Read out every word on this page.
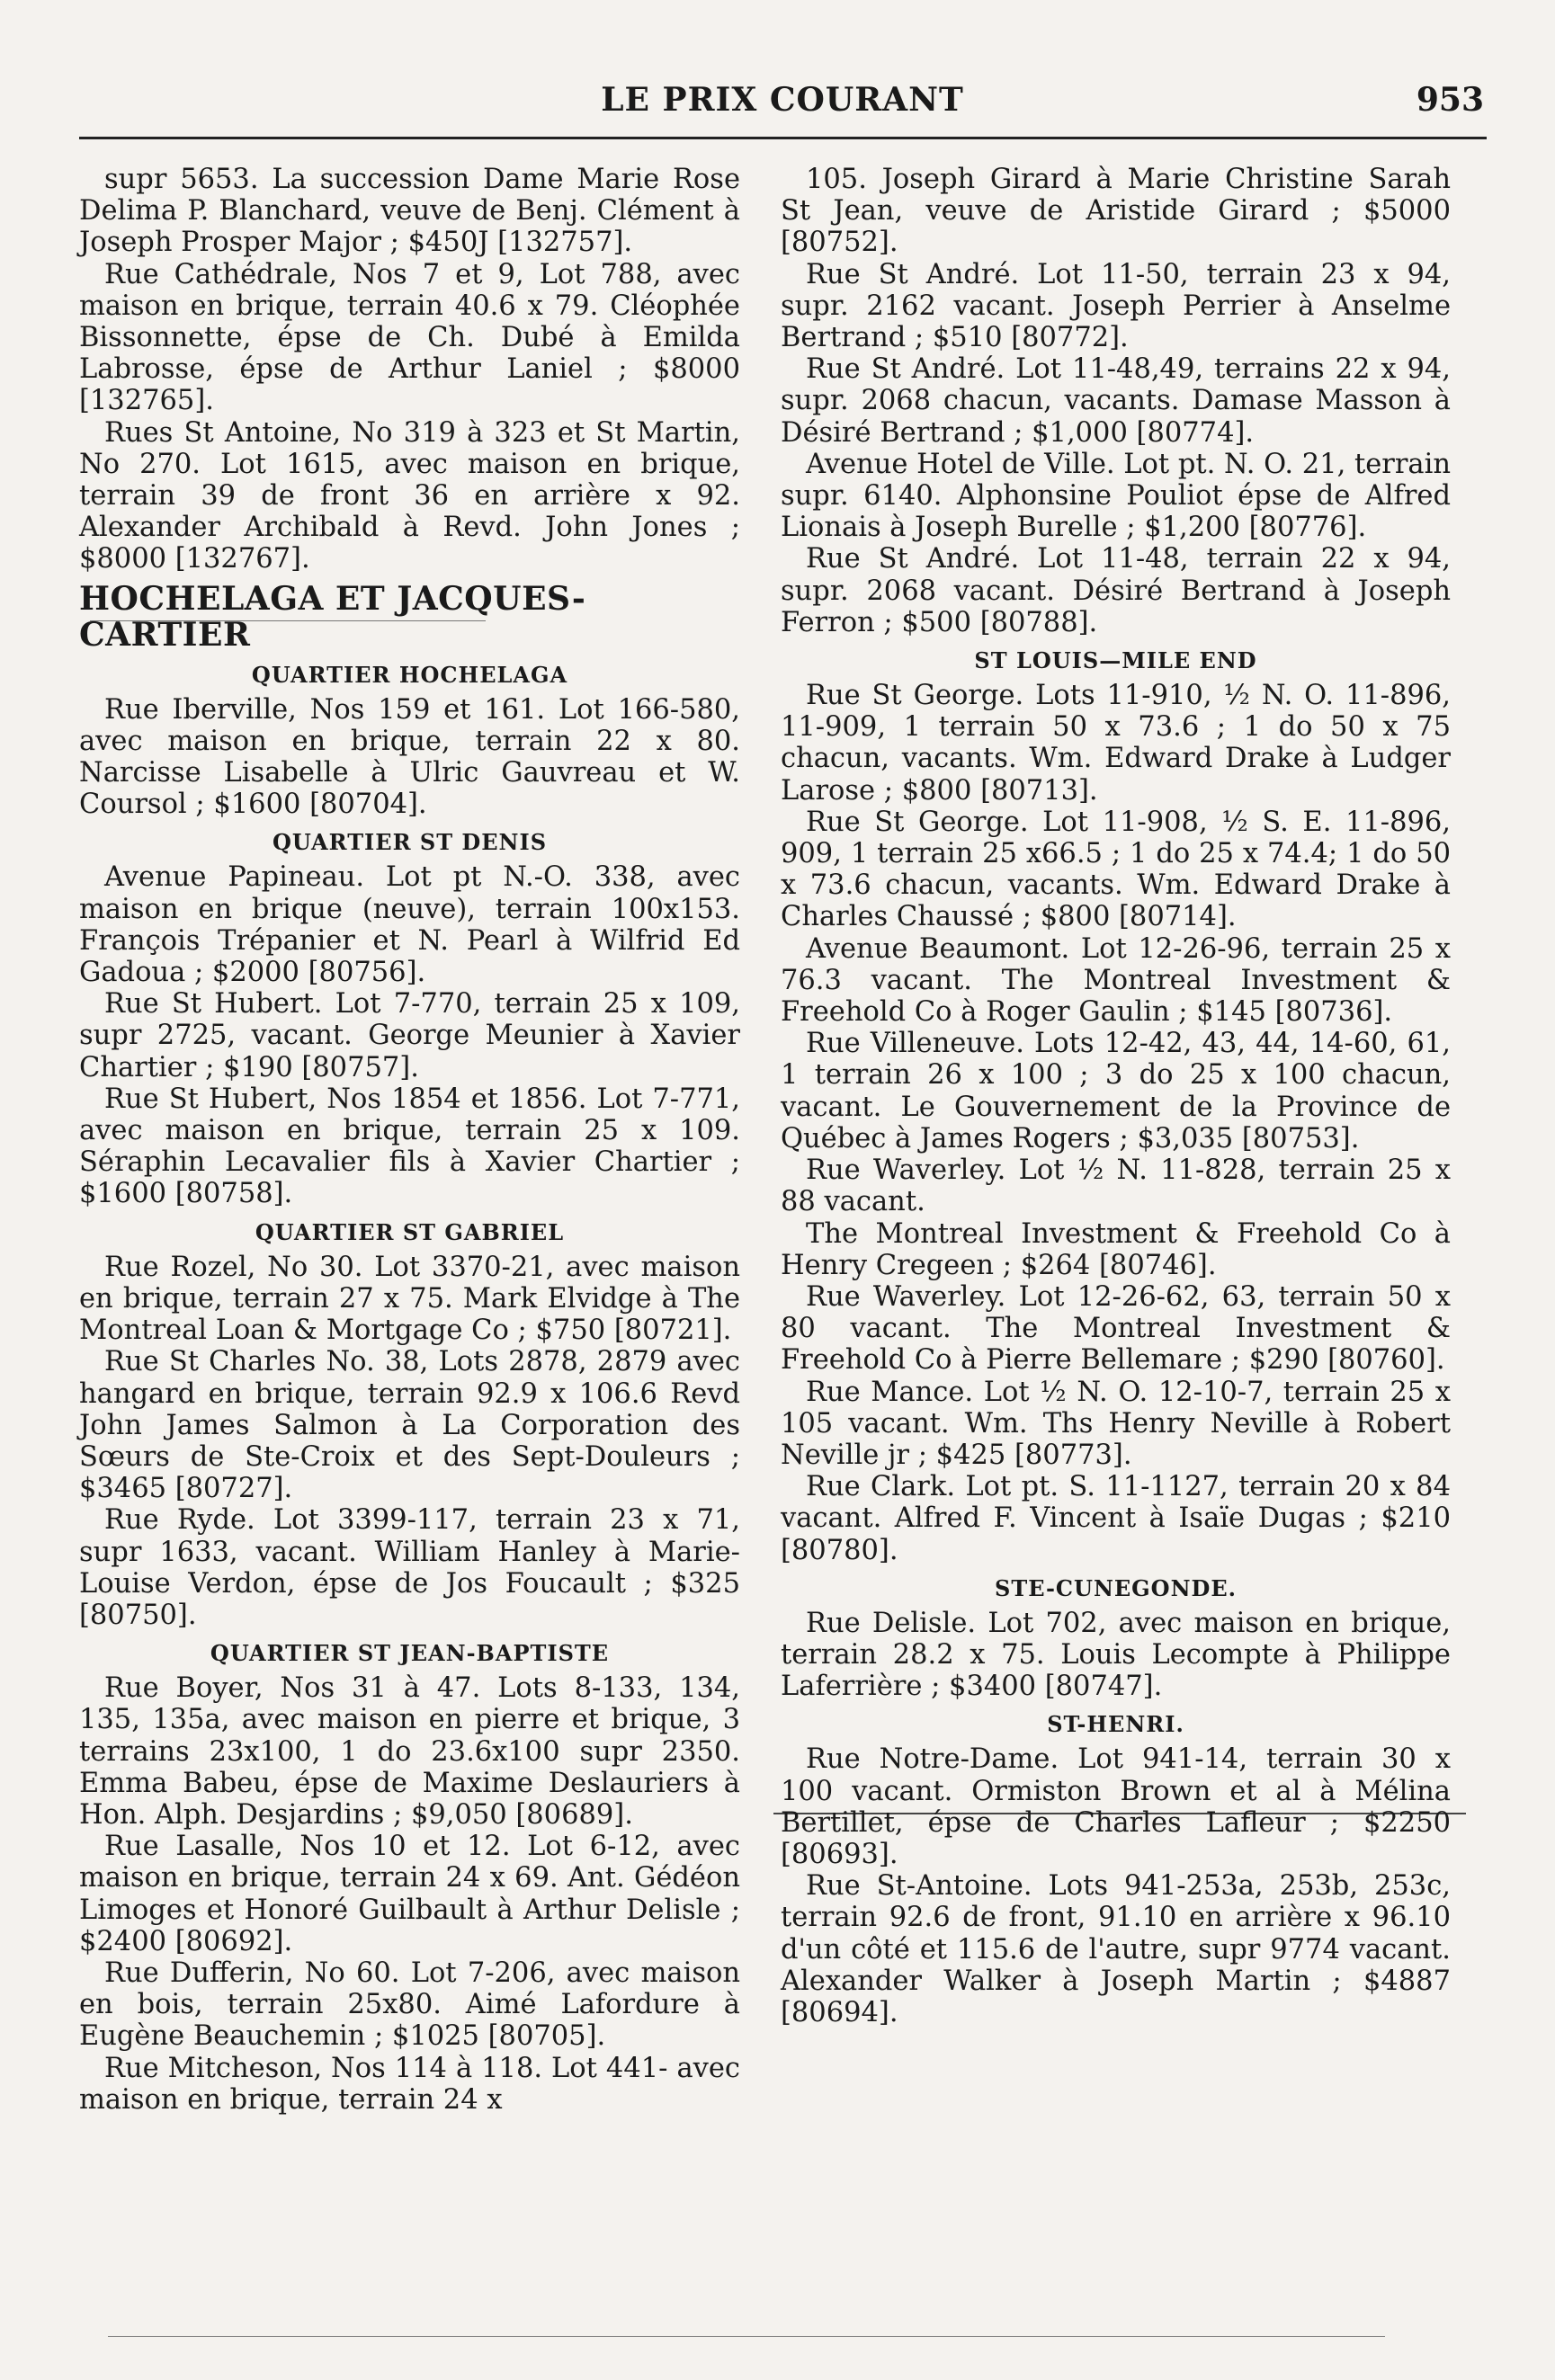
LE PRIX COURANT	953

supr 5653. La succession Dame Marie Rose Delima P. Blanchard, veuve de Benj. Clément à Joseph Prosper Major ; $450J [132757].

Rue Cathédrale, Nos 7 et 9, Lot 788, avec maison en brique, terrain 40.6 x 79. Cléophée Bissonnette, épse de Ch. Dubé à Emilda Labrosse, épse de Arthur Laniel ; $8000 [132765].

Rues St Antoine, No 319 à 323 et St Martin, No 270. Lot 1615, avec maison en brique, terrain 39 de front 36 en arrière x 92. Alexander Archibald à Revd. John Jones ; $8000 [132767].

HOCHELAGA ET JACQUES-CARTIER
QUARTIER HOCHELAGA

Rue Iberville, Nos 159 et 161. Lot 166-580, avec maison en brique, terrain 22 x 80. Narcisse Lisabelle à Ulric Gauvreau et W. Coursol ; $1600 [80704].

QUARTIER ST DENIS

Avenue Papineau. Lot pt N.-O. 338, avec maison en brique (neuve), terrain 100x153. François Trépanier et N. Pearl à Wilfrid Ed Gadoua ; $2000 [80756].

Rue St Hubert. Lot 7-770, terrain 25 x 109, supr 2725, vacant. George Meunier à Xavier Chartier ; $190 [80757].

Rue St Hubert, Nos 1854 et 1856. Lot 7-771, avec maison en brique, terrain 25 x 109. Séraphin Lecavalier fils à Xavier Chartier ; $1600 [80758].

QUARTIER ST GABRIEL

Rue Rozel, No 30. Lot 3370-21, avec maison en brique, terrain 27 x 75. Mark Elvidge à The Montreal Loan & Mortgage Co ; $750 [80721].

Rue St Charles No. 38, Lots 2878, 2879 avec hangard en brique, terrain 92.9 x 106.6 Revd John James Salmon à La Corporation des Sœurs de Ste-Croix et des Sept-Douleurs ; $3465 [80727].

Rue Ryde. Lot 3399-117, terrain 23 x 71, supr 1633, vacant. William Hanley à Marie-Louise Verdon, épse de Jos Foucault ; $325 [80750].

QUARTIER ST JEAN-BAPTISTE

Rue Boyer, Nos 31 à 47. Lots 8-133, 134, 135, 135a, avec maison en pierre et brique, 3 terrains 23x100, 1 do 23.6x100 supr 2350. Emma Babeu, épse de Maxime Deslauriers à Hon. Alph. Desjardins ; $9,050 [80689].

Rue Lasalle, Nos 10 et 12. Lot 6-12, avec maison en brique, terrain 24 x 69. Ant. Gédéon Limoges et Honoré Guilbault à Arthur Delisle ; $2400 [80692].

Rue Dufferin, No 60. Lot 7-206, avec maison en bois, terrain 25x80. Aimé Lafordure à Eugène Beauchemin ; $1025 [80705].

Rue Mitcheson, Nos 114 à 118. Lot 441- avec maison en brique, terrain 24 x

105. Joseph Girard à Marie Christine Sarah St Jean, veuve de Aristide Girard ; $5000 [80752].

Rue St André. Lot 11-50, terrain 23 x 94, supr. 2162 vacant. Joseph Perrier à Anselme Bertrand ; $510 [80772].

Rue St André. Lot 11-48,49, terrains 22 x 94, supr. 2068 chacun, vacants. Damase Masson à Désiré Bertrand ; $1,000 [80774].

Avenue Hotel de Ville. Lot pt. N. O. 21, terrain supr. 6140. Alphonsine Pouliot épse de Alfred Lionais à Joseph Burelle ; $1,200 [80776].

Rue St André. Lot 11-48, terrain 22 x 94, supr. 2068 vacant. Désiré Bertrand à Joseph Ferron ; $500 [80788].

ST LOUIS—MILE END

Rue St George. Lots 11-910, ½ N. O. 11-896, 11-909, 1 terrain 50 x 73.6 ; 1 do 50 x 75 chacun, vacants. Wm. Edward Drake à Ludger Larose ; $800 [80713].

Rue St George. Lot 11-908, ½ S. E. 11-896, 909, 1 terrain 25 x66.5 ; 1 do 25 x 74.4; 1 do 50 x 73.6 chacun, vacants. Wm. Edward Drake à Charles Chaussé ; $800 [80714].

Avenue Beaumont. Lot 12-26-96, terrain 25 x 76.3 vacant. The Montreal Investment & Freehold Co à Roger Gaulin ; $145 [80736].

Rue Villeneuve. Lots 12-42, 43, 44, 14-60, 61, 1 terrain 26 x 100 ; 3 do 25 x 100 chacun, vacant. Le Gouvernement de la Province de Québec à James Rogers ; $3,035 [80753].

Rue Waverley. Lot ½ N. 11-828, terrain 25 x 88 vacant.

The Montreal Investment & Freehold Co à Henry Cregeen ; $264 [80746].

Rue Waverley. Lot 12-26-62, 63, terrain 50 x 80 vacant. The Montreal Investment & Freehold Co à Pierre Bellemare ; $290 [80760].

Rue Mance. Lot ½ N. O. 12-10-7, terrain 25 x 105 vacant. Wm. Ths Henry Neville à Robert Neville jr ; $425 [80773].

Rue Clark. Lot pt. S. 11-1127, terrain 20 x 84 vacant. Alfred F. Vincent à Isaïe Dugas ; $210 [80780].

STE-CUNEGONDE.

Rue Delisle. Lot 702, avec maison en brique, terrain 28.2 x 75. Louis Lecompte à Philippe Laferrière ; $3400 [80747].

ST-HENRI.

Rue Notre-Dame. Lot 941-14, terrain 30 x 100 vacant. Ormiston Brown et al à Mélina Bertillet, épse de Charles Lafleur ; $2250 [80693].

Rue St-Antoine. Lots 941-253a, 253b, 253c, terrain 92.6 de front, 91.10 en arrière x 96.10 d'un côté et 115.6 de l'autre, supr 9774 vacant. Alexander Walker à Joseph Martin ; $4887 [80694].
